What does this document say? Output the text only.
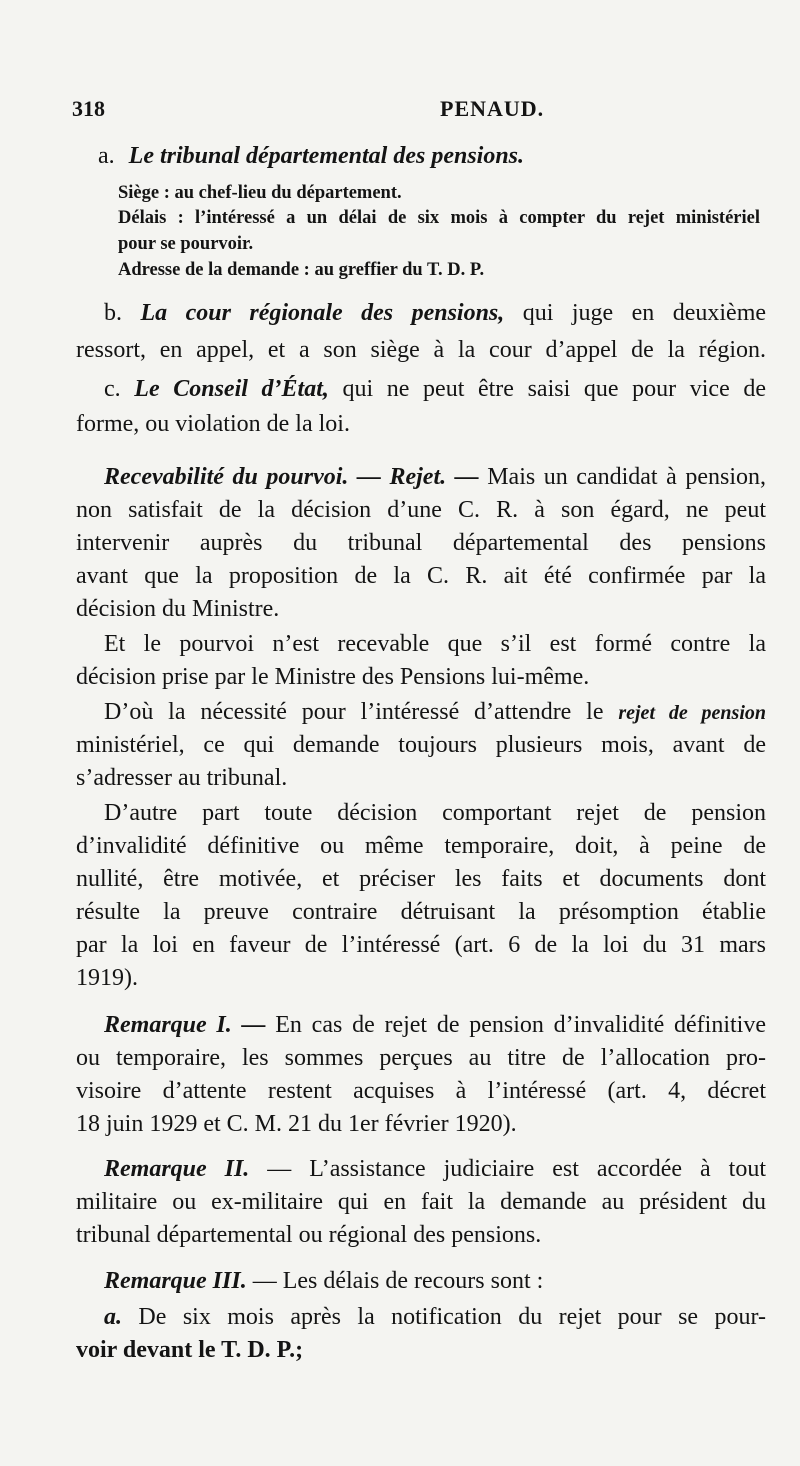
318	PENAUD.
a. Le tribunal départemental des pensions.
Siège : au chef-lieu du département.
Délais : l’intéressé a un délai de six mois à compter du rejet ministériel
pour se pourvoir.
Adresse de la demande : au greffier du T. D. P.
b. La cour régionale des pensions, qui juge en deuxième
ressort, en appel, et a son siège à la cour d’appel de la région.
c. Le Conseil d’État, qui ne peut être saisi que pour vice de
forme, ou violation de la loi.
Recevabilité du pourvoi. — Rejet. — Mais un candidat à pension,
non satisfait de la décision d’une C. R. à son égard, ne peut
intervenir auprès du tribunal départemental des pensions
avant que la proposition de la C. R. ait été confirmée par la
décision du Ministre.
Et le pourvoi n’est recevable que s’il est formé contre la
décision prise par le Ministre des Pensions lui-même.
D’où la nécessité pour l’intéressé d’attendre le rejet de pension
ministériel, ce qui demande toujours plusieurs mois, avant de
s’adresser au tribunal.
D’autre part toute décision comportant rejet de pension
d’invalidité définitive ou même temporaire, doit, à peine de
nullité, être motivée, et préciser les faits et documents dont
résulte la preuve contraire détruisant la présomption établie
par la loi en faveur de l’intéressé (art. 6 de la loi du 31 mars
1919).
Remarque I. — En cas de rejet de pension d’invalidité définitive
ou temporaire, les sommes perçues au titre de l’allocation pro-
visoire d’attente restent acquises à l’intéressé (art. 4, décret
18 juin 1929 et C. M. 21 du 1er février 1920).
Remarque II. — L’assistance judiciaire est accordée à tout
militaire ou ex-militaire qui en fait la demande au président du
tribunal départemental ou régional des pensions.
Remarque III. — Les délais de recours sont :
a. De six mois après la notification du rejet pour se pour-
voir devant le T. D. P.;
